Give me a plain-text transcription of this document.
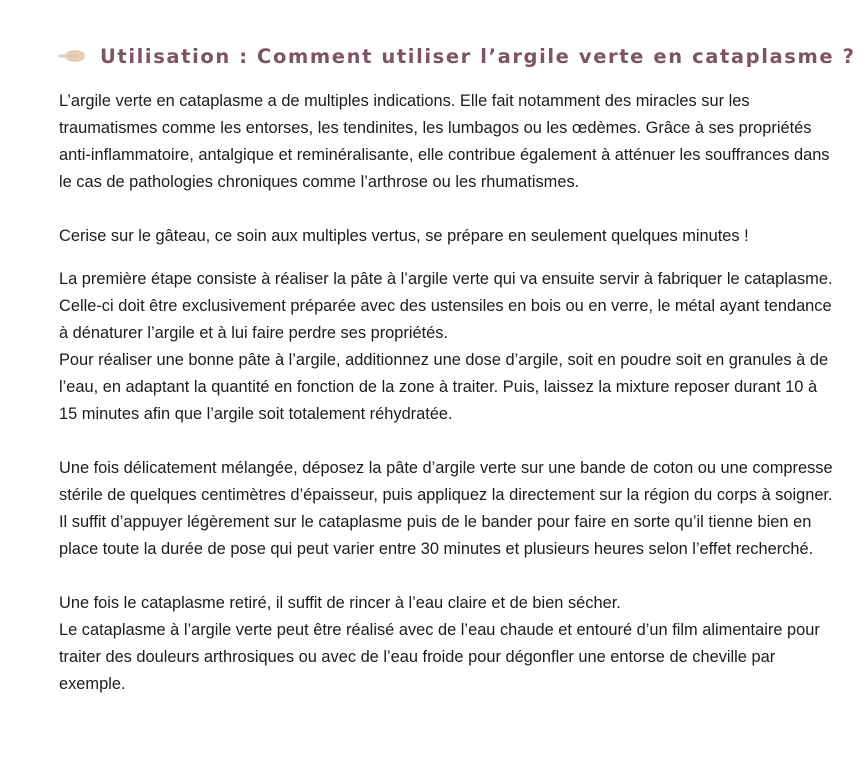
Utilisation : Comment utiliser l’argile verte en cataplasme ?

L’argile verte en cataplasme a de multiples indications. Elle fait notamment des miracles sur les traumatismes comme les entorses, les tendinites, les lumbagos ou les œdèmes. Grâce à ses propriétés anti-inflammatoire, antalgique et reminéralisante, elle contribue également à atténuer les souffrances dans le cas de pathologies chroniques comme l’arthrose ou les rhumatismes.

Cerise sur le gâteau, ce soin aux multiples vertus, se prépare en seulement quelques minutes !

La première étape consiste à réaliser la pâte à l’argile verte qui va ensuite servir à fabriquer le cataplasme. Celle-ci doit être exclusivement préparée avec des ustensiles en bois ou en verre, le métal ayant tendance à dénaturer l’argile et à lui faire perdre ses propriétés.

Pour réaliser une bonne pâte à l’argile, additionnez une dose d’argile, soit en poudre soit en granules à de l’eau, en adaptant la quantité en fonction de la zone à traiter. Puis, laissez la mixture reposer durant 10 à 15 minutes afin que l’argile soit totalement réhydratée.

Une fois délicatement mélangée, déposez la pâte d’argile verte sur une bande de coton ou une compresse stérile de quelques centimètres d’épaisseur, puis appliquez la directement sur la région du corps à soigner. Il suffit d’appuyer légèrement sur le cataplasme puis de le bander pour faire en sorte qu’il tienne bien en place toute la durée de pose qui peut varier entre 30 minutes et plusieurs heures selon l’effet recherché.

Une fois le cataplasme retiré, il suffit de rincer à l’eau claire et de bien sécher.

Le cataplasme à l’argile verte peut être réalisé avec de l’eau chaude et entouré d’un film alimentaire pour traiter des douleurs arthrosiques ou avec de l’eau froide pour dégonfler une entorse de cheville par exemple.
